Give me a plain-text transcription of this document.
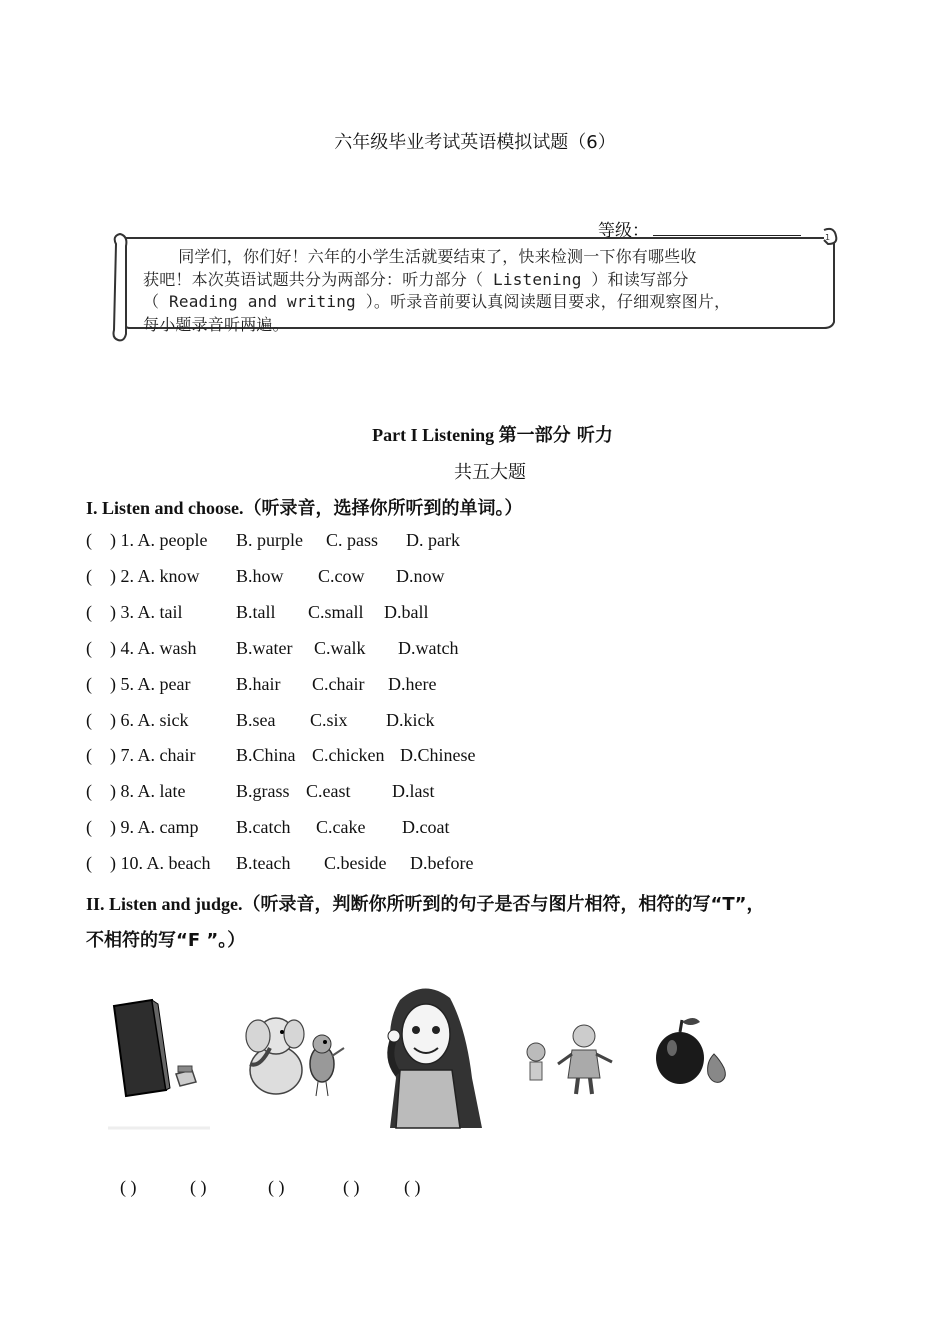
六年级毕业考试英语模拟试题（6）
等级：	1

同学们，你们好！六年的小学生活就要结束了，快来检测一下你有哪些收

获吧！本次英语试题共分为两部分：听力部分（ Listening ）和读写部分

（ Reading and writing ）。听录音前要认真阅读题目要求，仔细观察图片，

每小题录音听两遍。

Part I Listening 第一部分 听力
共五大题
I. Listen and choose.（听录音，选择你所听到的单词。）
( ) 1. A. people B. purple C. pass D. park
( ) 2. A. know B.how C.cow D.now
( ) 3. A. tail	B.tall C.small D.ball
( ) 4. A. wash B.water C.walk D.watch
( ) 5. A. pear	B.hair C.chair D.here
( ) 6. A. sick	B.sea C.six D.kick
( ) 7. A. chair B.China C.chicken D.Chinese
( ) 8. A. late	B.grass C.east D.last
( ) 9. A. camp B.catch C.cake D.coat
( ) 10. A. beach B.teach C.beside D.before
II. Listen and judge.（听录音，判断你所听到的句子是否与图片相符，相符的写“T”，
不相符的写“F ”。）
( )	( )	( )	( ) ( )
